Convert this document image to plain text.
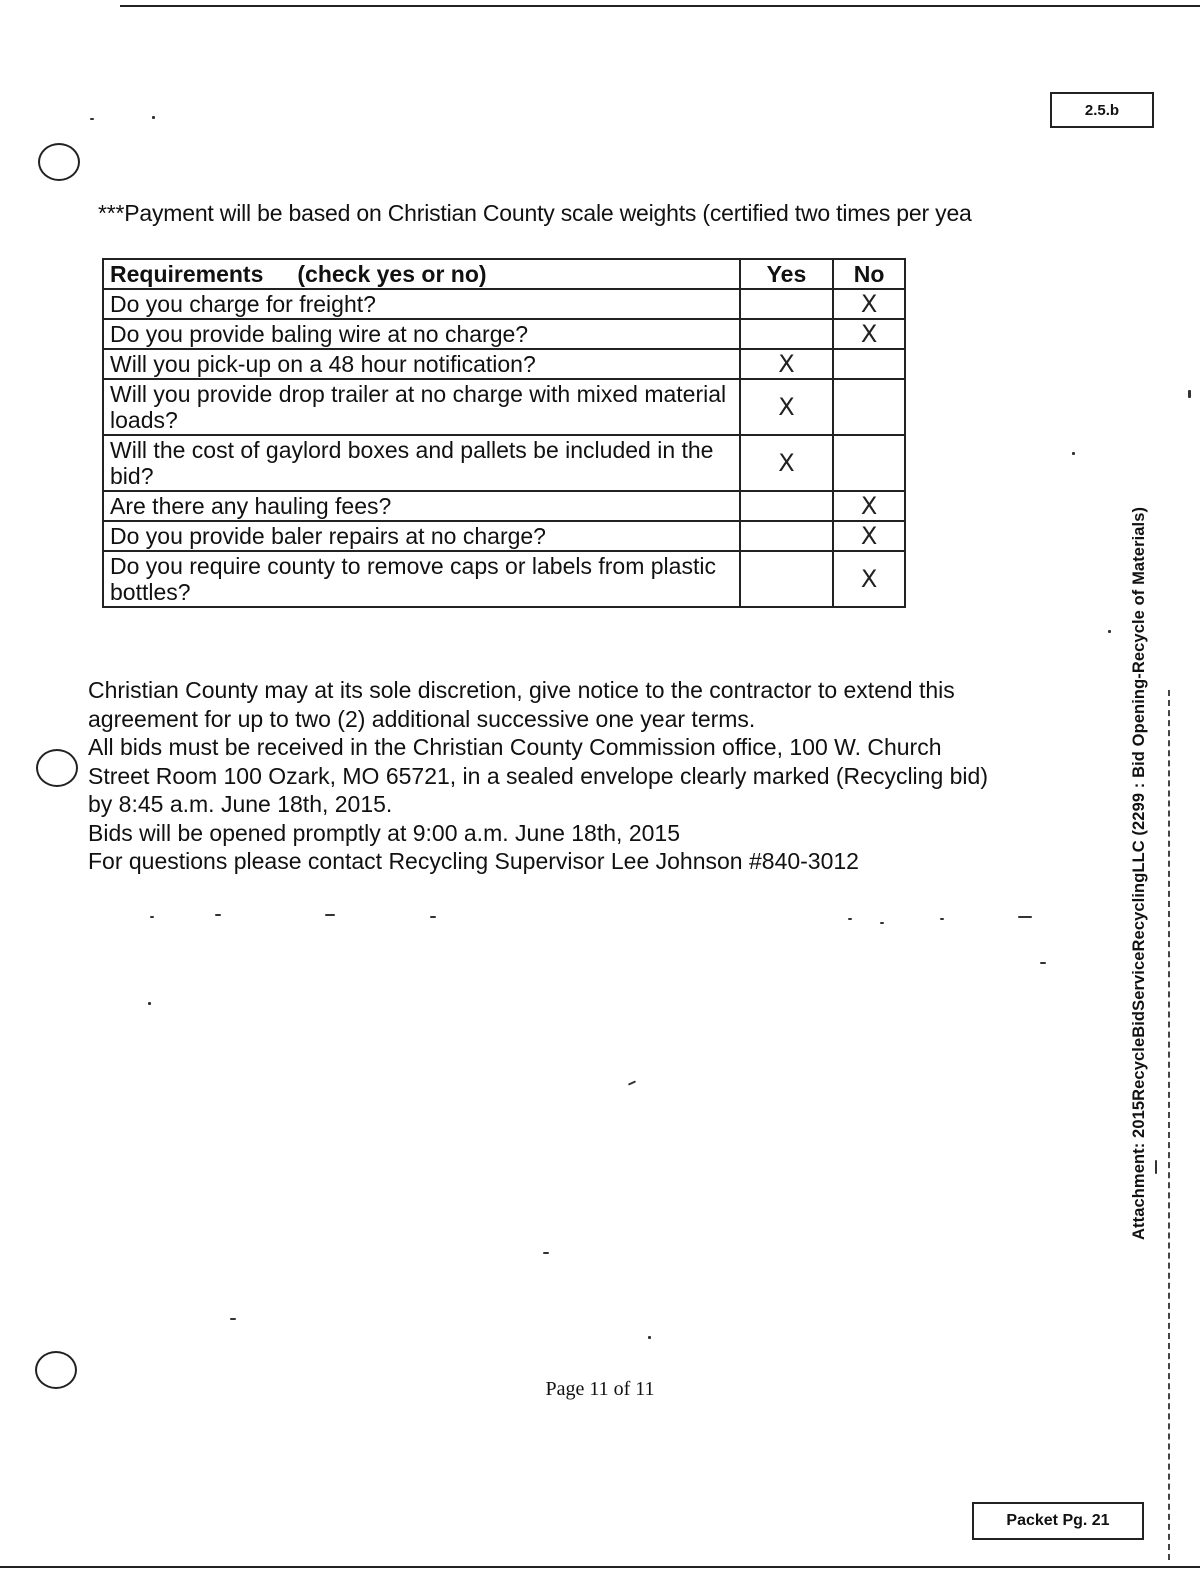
2.5.b
***Payment will be based on Christian County scale weights (certified two times per yea
Requirements (check yes or no)	Yes	No
Do you charge for freight?		X
Do you provide baling wire at no charge?		X
Will you pick-up on a 48 hour notification?	X	
Will you provide drop trailer at no charge with mixed material loads?	X	
Will the cost of gaylord boxes and pallets be included in the bid?	X	
Are there any hauling fees?		X
Do you provide baler repairs at no charge?		X
Do you require county to remove caps or labels from plastic bottles?		X

Christian County may at its sole discretion, give notice to the contractor to extend this

agreement for up to two (2) additional successive one year terms.

All bids must be received in the Christian County Commission office, 100 W. Church

Street Room 100 Ozark, MO 65721, in a sealed envelope clearly marked (Recycling bid)

by 8:45 a.m. June 18th, 2015.

Bids will be opened promptly at 9:00 a.m. June 18th, 2015

For questions please contact Recycling Supervisor Lee Johnson #840-3012

Page 11 of 11
Attachment: 2015RecycleBidServiceRecyclingLLC (2299 : Bid Opening-Recycle of Materials)
Packet Pg. 21
